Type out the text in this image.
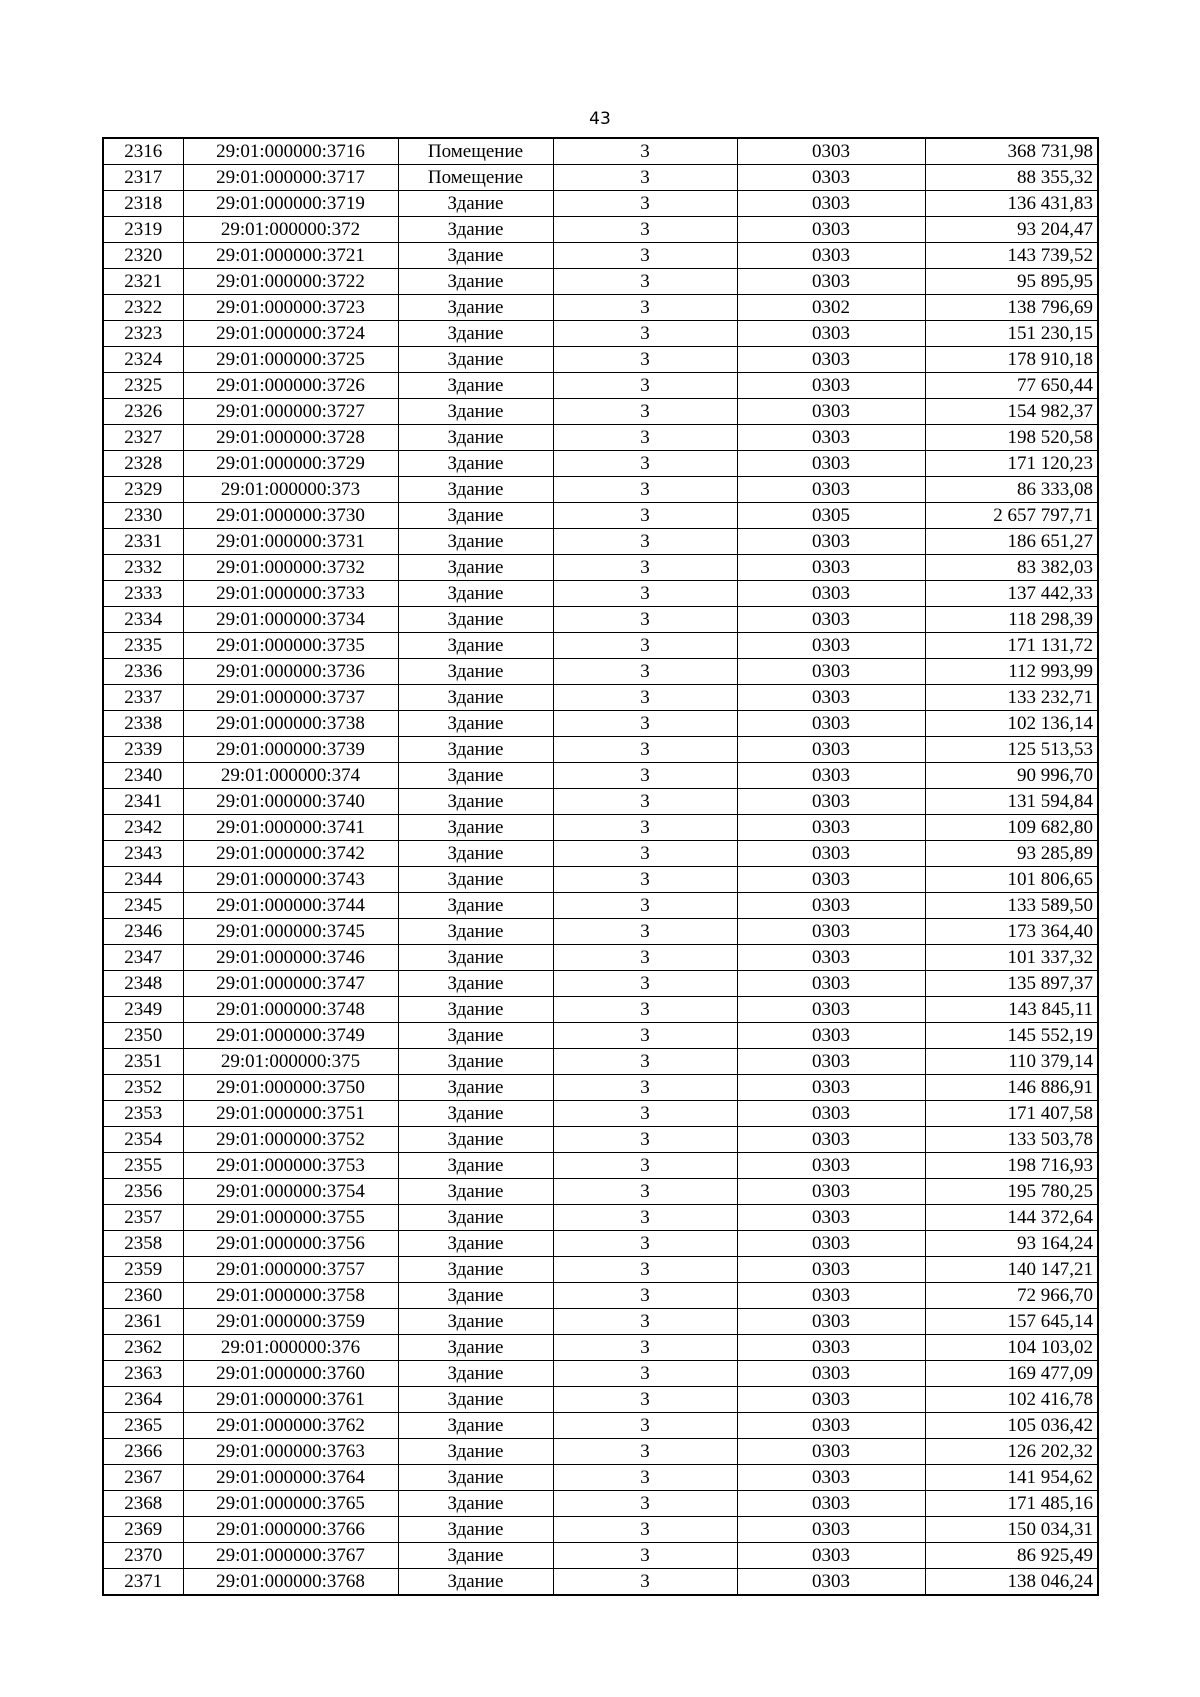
43
2316	29:01:000000:3716	Помещение	3	0303	368 731,98
2317	29:01:000000:3717	Помещение	3	0303	88 355,32
2318	29:01:000000:3719	Здание	3	0303	136 431,83
2319	29:01:000000:372	Здание	3	0303	93 204,47
2320	29:01:000000:3721	Здание	3	0303	143 739,52
2321	29:01:000000:3722	Здание	3	0303	95 895,95
2322	29:01:000000:3723	Здание	3	0302	138 796,69
2323	29:01:000000:3724	Здание	3	0303	151 230,15
2324	29:01:000000:3725	Здание	3	0303	178 910,18
2325	29:01:000000:3726	Здание	3	0303	77 650,44
2326	29:01:000000:3727	Здание	3	0303	154 982,37
2327	29:01:000000:3728	Здание	3	0303	198 520,58
2328	29:01:000000:3729	Здание	3	0303	171 120,23
2329	29:01:000000:373	Здание	3	0303	86 333,08
2330	29:01:000000:3730	Здание	3	0305	2 657 797,71
2331	29:01:000000:3731	Здание	3	0303	186 651,27
2332	29:01:000000:3732	Здание	3	0303	83 382,03
2333	29:01:000000:3733	Здание	3	0303	137 442,33
2334	29:01:000000:3734	Здание	3	0303	118 298,39
2335	29:01:000000:3735	Здание	3	0303	171 131,72
2336	29:01:000000:3736	Здание	3	0303	112 993,99
2337	29:01:000000:3737	Здание	3	0303	133 232,71
2338	29:01:000000:3738	Здание	3	0303	102 136,14
2339	29:01:000000:3739	Здание	3	0303	125 513,53
2340	29:01:000000:374	Здание	3	0303	90 996,70
2341	29:01:000000:3740	Здание	3	0303	131 594,84
2342	29:01:000000:3741	Здание	3	0303	109 682,80
2343	29:01:000000:3742	Здание	3	0303	93 285,89
2344	29:01:000000:3743	Здание	3	0303	101 806,65
2345	29:01:000000:3744	Здание	3	0303	133 589,50
2346	29:01:000000:3745	Здание	3	0303	173 364,40
2347	29:01:000000:3746	Здание	3	0303	101 337,32
2348	29:01:000000:3747	Здание	3	0303	135 897,37
2349	29:01:000000:3748	Здание	3	0303	143 845,11
2350	29:01:000000:3749	Здание	3	0303	145 552,19
2351	29:01:000000:375	Здание	3	0303	110 379,14
2352	29:01:000000:3750	Здание	3	0303	146 886,91
2353	29:01:000000:3751	Здание	3	0303	171 407,58
2354	29:01:000000:3752	Здание	3	0303	133 503,78
2355	29:01:000000:3753	Здание	3	0303	198 716,93
2356	29:01:000000:3754	Здание	3	0303	195 780,25
2357	29:01:000000:3755	Здание	3	0303	144 372,64
2358	29:01:000000:3756	Здание	3	0303	93 164,24
2359	29:01:000000:3757	Здание	3	0303	140 147,21
2360	29:01:000000:3758	Здание	3	0303	72 966,70
2361	29:01:000000:3759	Здание	3	0303	157 645,14
2362	29:01:000000:376	Здание	3	0303	104 103,02
2363	29:01:000000:3760	Здание	3	0303	169 477,09
2364	29:01:000000:3761	Здание	3	0303	102 416,78
2365	29:01:000000:3762	Здание	3	0303	105 036,42
2366	29:01:000000:3763	Здание	3	0303	126 202,32
2367	29:01:000000:3764	Здание	3	0303	141 954,62
2368	29:01:000000:3765	Здание	3	0303	171 485,16
2369	29:01:000000:3766	Здание	3	0303	150 034,31
2370	29:01:000000:3767	Здание	3	0303	86 925,49
2371	29:01:000000:3768	Здание	3	0303	138 046,24
